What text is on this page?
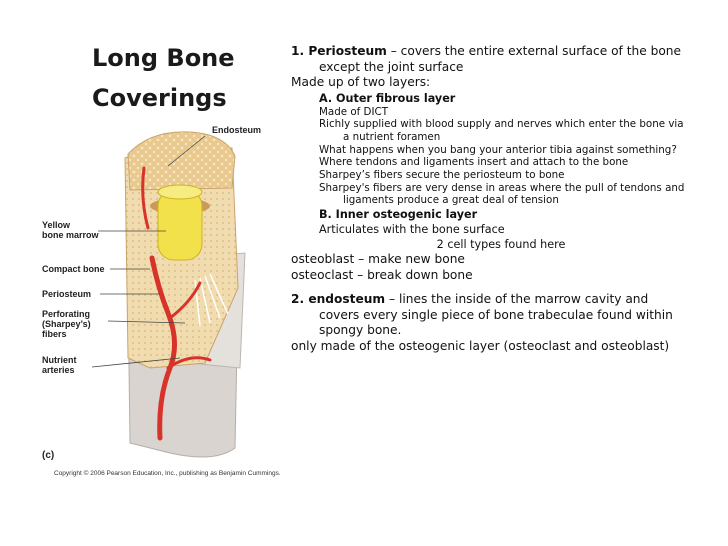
Long Bone
Coverings

1. Periosteum – covers the entire external surface of the bone except the joint surface

Made up of two layers:

A. Outer fibrous layer

Made of DICT

Richly supplied with blood supply and nerves which enter the bone via a nutrient foramen

What happens when you bang your anterior tibia against something?

Where tendons and ligaments insert and attach to the bone

Sharpey’s fibers secure the periosteum to bone

Sharpey's fibers are very dense in areas where the pull of tendons and ligaments produce a great deal of tension

B. Inner osteogenic layer

Articulates with the bone surface

2 cell types found here

osteoblast – make new bone

osteoclast – break down bone

2. endosteum – lines the inside of the marrow cavity and covers every single piece of bone trabeculae found within spongy bone.

only made of the osteogenic layer (osteoclast and osteoblast)

Endosteum
Yellow
bone marrow
Compact bone
Periosteum
Perforating
(Sharpey’s)
fibers
Nutrient
arteries
(c)
Copyright © 2006 Pearson Education, Inc., publishing as Benjamin Cummings.
